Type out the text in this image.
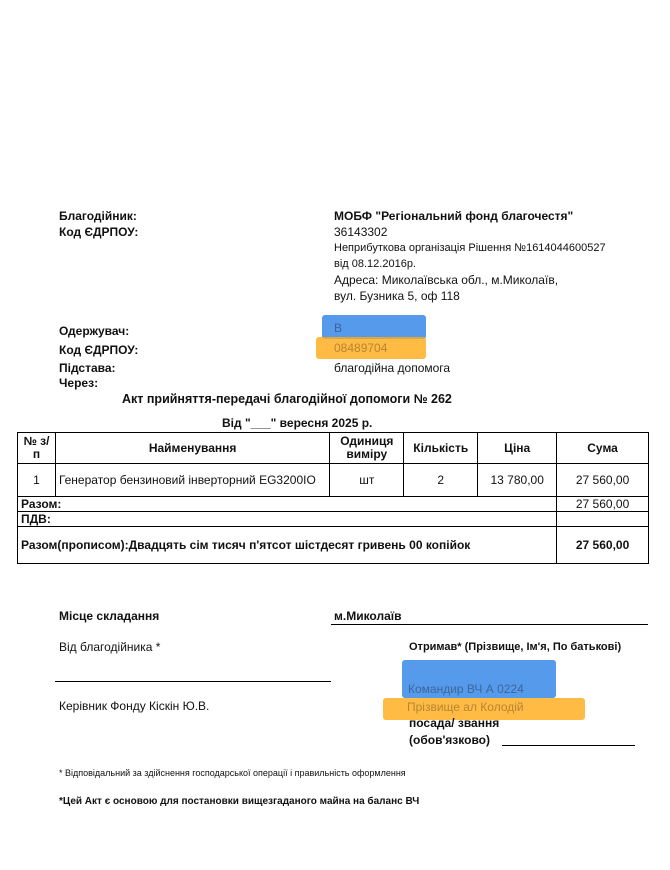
Благодійник:	МОБФ "Регіональний фонд благочестя"
Код ЄДРПОУ:	36143302
Неприбуткова організація Рішення №1614044600527
від 08.12.2016р.
Адреса: Миколаївська обл., м.Миколаїв,
вул. Бузника 5, оф 118
Одержувач:	В
Код ЄДРПОУ:	08489704
Підстава:	благодійна допомога
Через:
Акт прийняття-передачі благодійної допомоги № 262
Від "___" вересня 2025 р.
№ з/п	Найменування	Одиниця виміру	Кількість	Ціна	Сума
1	Генератор бензиновий інверторний EG3200IO	шт	2	13 780,00	27 560,00
Разом:					27 560,00
ПДВ:					
Разом(прописом):Двадцять сім тисяч п'ятсот шістдесят гривень 00 копійок					27 560,00
Місце складання	м.Миколаїв
Від благодійника *	Отримав* (Прізвище, Ім'я, По батькові)
Командир ВЧ А 0224
Прізвище ал Колодій
Керівник Фонду Кіскін Ю.В.
посада/ звання
(обов'язково)
* Відповідальний за здійснення господарської операції і правильність оформлення
*Цей Акт є основою для постановки вищезгаданого майна на баланс ВЧ
